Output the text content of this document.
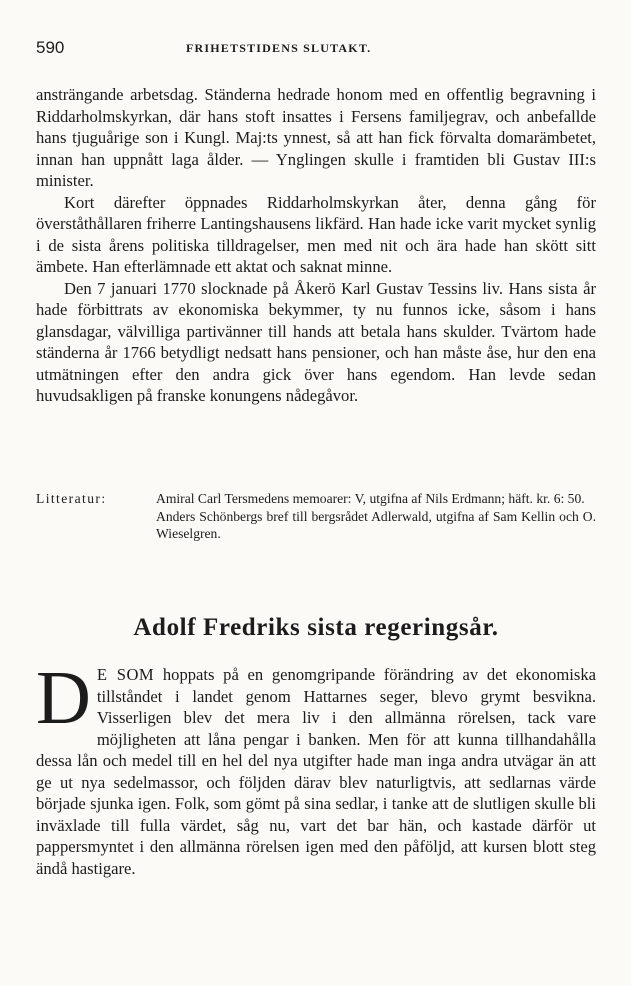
590	FRIHETSTIDENS SLUTAKT.

ansträngande arbetsdag. Ständerna hedrade honom med en offentlig begravning i Riddarholmskyrkan, där hans stoft insattes i Fersens familjegrav, och anbefallde hans tjuguårige son i Kungl. Maj:ts ynnest, så att han fick förvalta domarämbetet, innan han uppnått laga ålder. — Ynglingen skulle i framtiden bli Gustav III:s minister.

Kort därefter öppnades Riddarholmskyrkan åter, denna gång för överståthållaren friherre Lantingshausens likfärd. Han hade icke varit mycket synlig i de sista årens politiska tilldragelser, men med nit och ära hade han skött sitt ämbete. Han efterlämnade ett aktat och saknat minne.

Den 7 januari 1770 slocknade på Åkerö Karl Gustav Tessins liv. Hans sista år hade förbittrats av ekonomiska bekymmer, ty nu funnos icke, såsom i hans glansdagar, välvilliga partivänner till hands att betala hans skulder. Tvärtom hade ständerna år 1766 betydligt nedsatt hans pensioner, och han måste åse, hur den ena utmätningen efter den andra gick över hans egendom. Han levde sedan huvudsakligen på franske konungens nådegåvor.

Litteratur:	Amiral Carl Tersmedens memoarer: V, utgifna af Nils Erdmann; häft. kr. 6: 50.

Anders Schönbergs bref till bergsrådet Adlerwald, utgifna af Sam Kellin och O. Wieselgren.

Adolf Fredriks sista regeringsår.
D E SOM hoppats på en genomgripande förändring av det ekonomiska tillståndet i landet genom Hattarnes seger, blevo grymt besvikna. Visserligen blev det mera liv i den allmänna rörelsen, tack vare möjligheten att låna pengar i banken. Men för att kunna tillhandahålla dessa lån och medel till en hel del nya utgifter hade man inga andra utvägar än att ge ut nya sedelmassor, och följden därav blev naturligtvis, att sedlarnas värde började sjunka igen. Folk, som gömt på sina sedlar, i tanke att de slutligen skulle bli inväxlade till fulla värdet, såg nu, vart det bar hän, och kastade därför ut pappersmyntet i den allmänna rörelsen igen med den påföljd, att kursen blott steg ändå hastigare.
